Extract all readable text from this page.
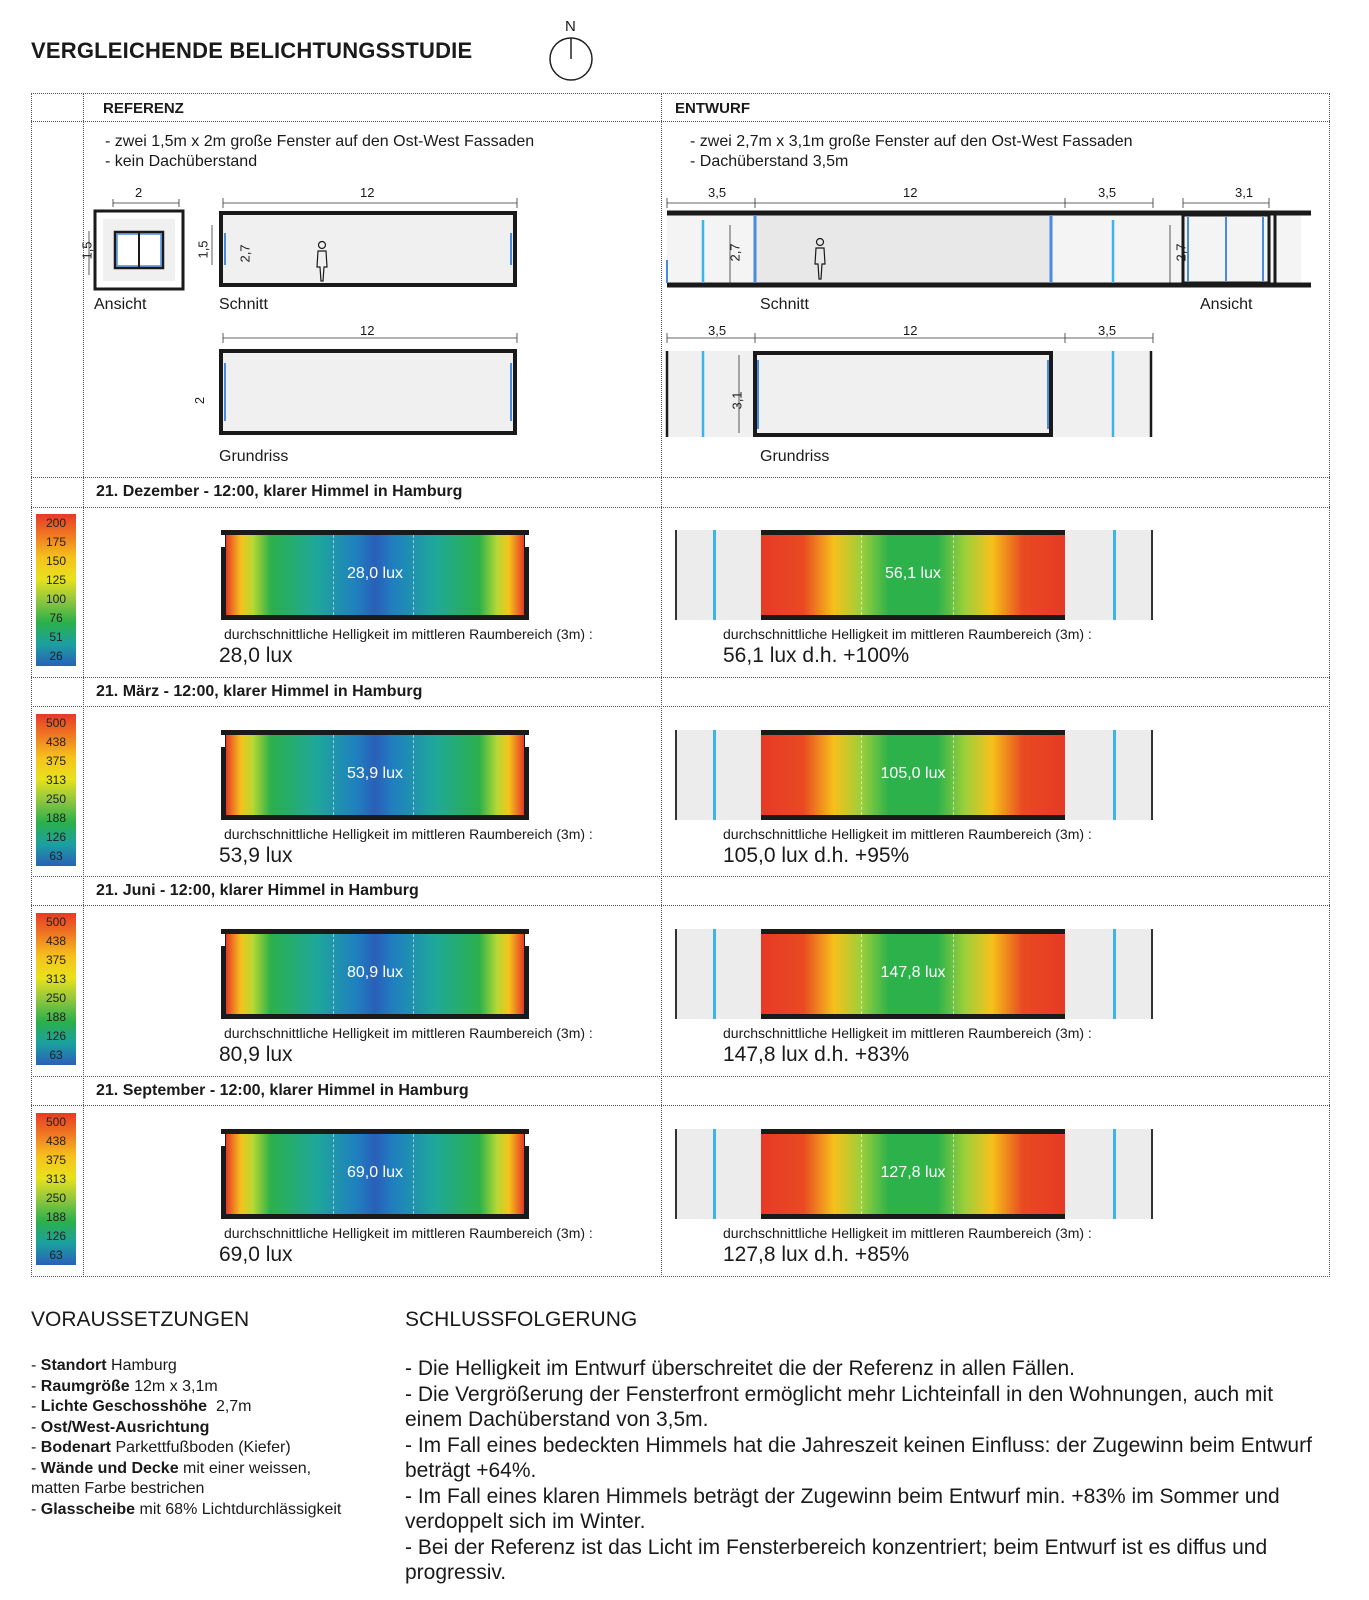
VERGLEICHENDE BELICHTUNGSSTUDIE
N
REFERENZ	ENTWURF
- zwei 1,5m x 2m große Fenster auf den Ost-West Fassaden
- kein Dachüberstand
- zwei 2,7m x 3,1m große Fenster auf den Ost-West Fassaden
- Dachüberstand 3,5m
2
1,5
12
1,5 2,7
Ansicht	Schnitt
12
2
Grundriss
3,5	12	3,5	3,1
2,7	2,7
Schnitt	Ansicht
3,5	12	3,5
3,1
Grundriss
21. Dezember - 12:00, klarer Himmel in Hamburg
200
175
150
125
100
76
51
26
28,0 lux
durchschnittliche Helligkeit im mittleren Raumbereich (3m) :
28,0 lux
56,1 lux
durchschnittliche Helligkeit im mittleren Raumbereich (3m) :
56,1 lux d.h. +100%
21. März - 12:00, klarer Himmel in Hamburg
500
438
375
313
250
188
126
63
53,9 lux
durchschnittliche Helligkeit im mittleren Raumbereich (3m) :
53,9 lux
105,0 lux
durchschnittliche Helligkeit im mittleren Raumbereich (3m) :
105,0 lux d.h. +95%
21. Juni - 12:00, klarer Himmel in Hamburg
500
438
375
313
250
188
126
63
80,9 lux
durchschnittliche Helligkeit im mittleren Raumbereich (3m) :
80,9 lux
147,8 lux
durchschnittliche Helligkeit im mittleren Raumbereich (3m) :
147,8 lux d.h. +83%
21. September - 12:00, klarer Himmel in Hamburg
500
438
375
313
250
188
126
63
69,0 lux
durchschnittliche Helligkeit im mittleren Raumbereich (3m) :
69,0 lux
127,8 lux
durchschnittliche Helligkeit im mittleren Raumbereich (3m) :
127,8 lux d.h. +85%
VORAUSSETZUNGEN
- Standort Hamburg
- Raumgröße 12m x 3,1m
- Lichte Geschosshöhe  2,7m
- Ost/West-Ausrichtung
- Bodenart Parkettfußboden (Kiefer)
- Wände und Decke mit einer weissen,
matten Farbe bestrichen
- Glasscheibe mit 68% Lichtdurchlässigkeit
SCHLUSSFOLGERUNG
- Die Helligkeit im Entwurf überschreitet die der Referenz in allen Fällen.
- Die Vergrößerung der Fensterfront ermöglicht mehr Lichteinfall in den Wohnungen, auch mit einem Dachüberstand von 3,5m.
- Im Fall eines bedeckten Himmels hat die Jahreszeit keinen Einfluss: der Zugewinn beim Entwurf beträgt +64%.
- Im Fall eines klaren Himmels beträgt der Zugewinn beim Entwurf min. +83% im Sommer und verdoppelt sich im Winter.
- Bei der Referenz ist das Licht im Fensterbereich konzentriert; beim Entwurf ist es diffus und progressiv.
